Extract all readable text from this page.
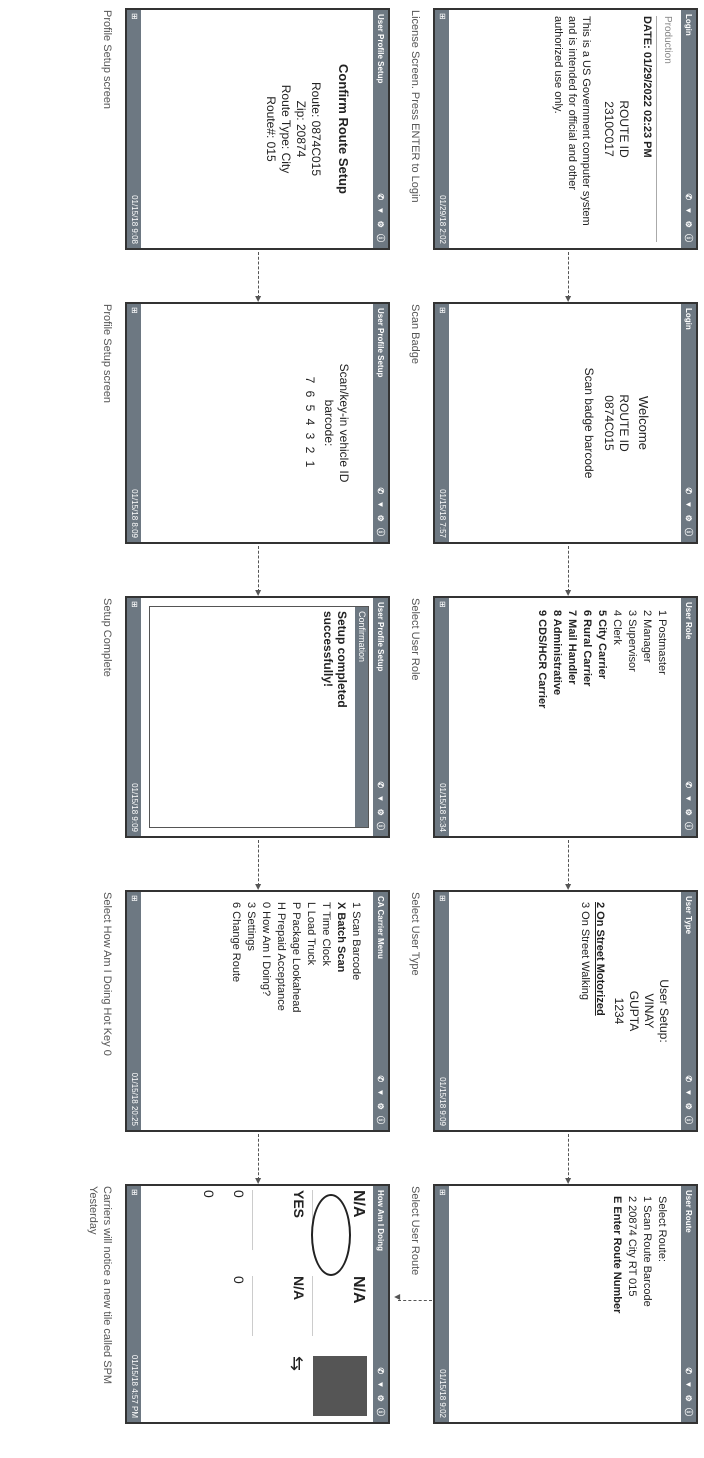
Login
✆ ▼ ⚙ ⓘ
Production
DATE: 01/29/2022 02:23 PM
ROUTE ID
2310C017
This is a US Government computer system and is intended for official and other authorized use only.
⊞
01/29/18 2:02
License Screen. Press ENTER to Login
▸
Login
✆ ▼ ⚙ ⓘ
Welcome
ROUTE ID
0874C015
Scan badge barcode
⊞
01/15/18 7:57
Scan Badge
▸
User Role
✆ ▼ ⚙ ⓘ
1 Postmaster
2 Manager
3 Supervisor
4 Clerk
5 City Carrier
6 Rural Carrier
7 Mail Handler
8 Administrative
9 CDS/HCR Carrier
⊞
01/15/18 5:34
Select User Role
▸
User Type
✆ ▼ ⚙ ⓘ
User Setup:
VINAY
GUPTA
1234
2 On Street Motorized
3 On Street Walking
⊞
01/15/18 9:09
Select User Type
▸
User Route
✆ ▼ ⚙ ⓘ
Select Route:
1 Scan Route Barcode
2 20874 City RT 015
E Enter Route Number
⊞
01/15/18 9:02
Select User Route
▾
User Profile Setup
✆ ▼ ⚙ ⓘ
Confirm Route Setup
Route: 0874C015
Zip: 20874
Route Type: City
Route#: 015
⊞
01/15/18 9:08
Profile Setup screen
▸
User Profile Setup
✆ ▼ ⚙ ⓘ
Scan/key-in vehicle ID
barcode:
7 6 5 4 3 2 1
⊞
01/15/18 8:09
Profile Setup screen
▸
User Profile Setup
✆ ▼ ⚙ ⓘ
Confirmation
Setup completed
successfully!
⊞
01/15/18 9:09
Setup Complete
▸
CA Carrier Menu
✆ ▼ ⚙ ⓘ
1 Scan Barcode
X Batch Scan
T Time Clock
L Load Truck
P Package Lookahead
H Prepaid Acceptance
0 How Am I Doing?
3 Settings
6 Change Route
⊞
01/15/18 20:25
Select How Am I Doing Hot Key 0
▸
How Am I Doing
✆ ▼ ⚙ ⓘ
N/A
N/A
YES
N/A
⇆
0
0
0
⊞
01/15/18 4:57 PM
Carriers will notice a new tile called SPM Yesterday
